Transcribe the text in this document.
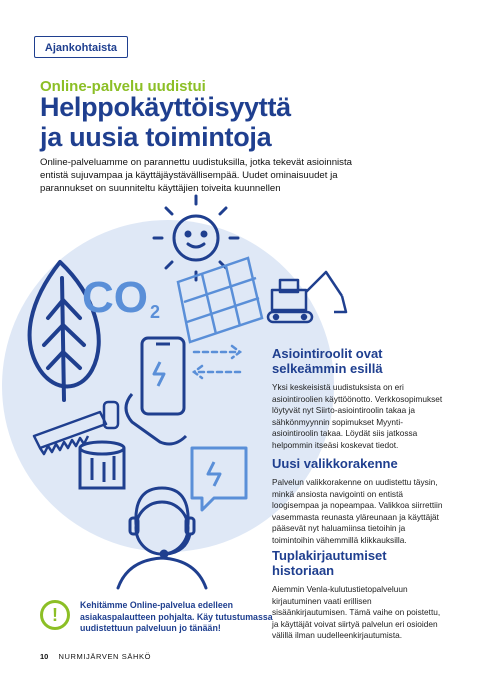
Ajankohtaista
Online-palvelu uudistui
Helppokäyttöisyyttä
ja uusia toimintoja
Online-palveluamme on parannettu uudistuksilla, jotka tekevät asioinnista entistä sujuvampaa ja käyttäjäystävällisempää. Uudet ominaisuudet ja parannukset on suunniteltu käyttäjien toiveita kuunnellen
CO 2
Asiointiroolit ovat
selkeämmin esillä

Yksi keskeisistä uudistuksista on eri asiointiroolien käyttöönotto. Verkkosopimukset löytyvät nyt Siirto-asiointiroolin takaa ja sähkönmyynnin sopimukset Myynti-asiointiroolin takaa. Löydät siis jatkossa helpommin itseäsi koskevat tiedot.

Uusi valikkorakenne

Palvelun valikkorakenne on uudistettu täysin, minkä ansiosta navigointi on entistä loogisempaa ja nopeampaa. Valikkoa siirrettiin vasemmasta reunasta yläreunaan ja käyttäjät pääsevät nyt haluamiinsa tietoihin ja toimintoihin vähemmillä klikkauksilla.

Tuplakirjautumiset
historiaan

Aiemmin Venla-kulutustietopalveluun kirjautuminen vaati erillisen sisäänkirjautumisen. Tämä vaihe on poistettu, ja käyttäjät voivat siirtyä palvelun eri osioiden välillä ilman uudelleenkirjautumista.

!	Kehitämme Online-palvelua edelleen asiakaspalautteen pohjalta. Käy tutustumassa uudistettuun palveluun jo tänään!
10 NURMIJÄRVEN SÄHKÖ
